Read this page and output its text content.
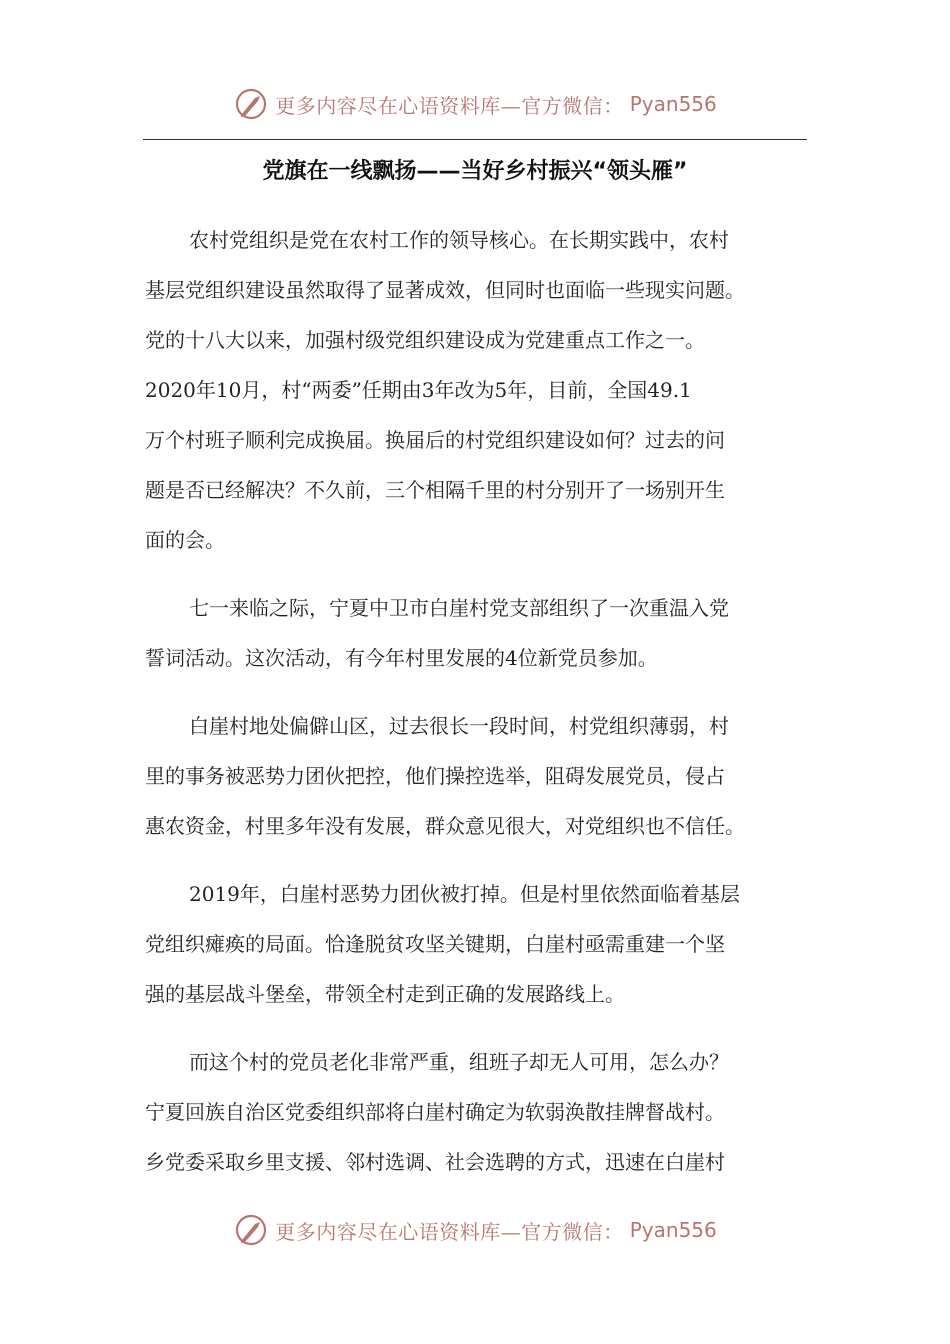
更多内容尽在心语资料库—官方微信： Pyan556
党旗在一线飘扬——当好乡村振兴“领头雁”

农村党组织是党在农村工作的领导核心。在长期实践中，农村
基层党组织建设虽然取得了显著成效，但同时也面临一些现实问题。
党的十八大以来，加强村级党组织建设成为党建重点工作之一。
2020年10月，村“两委”任期由3年改为5年，目前，全国49.1
万个村班子顺利完成换届。换届后的村党组织建设如何？过去的问
题是否已经解决？不久前，三个相隔千里的村分别开了一场别开生
面的会。

七一来临之际，宁夏中卫市白崖村党支部组织了一次重温入党
誓词活动。这次活动，有今年村里发展的4位新党员参加。

白崖村地处偏僻山区，过去很长一段时间，村党组织薄弱，村
里的事务被恶势力团伙把控，他们操控选举，阻碍发展党员，侵占
惠农资金，村里多年没有发展，群众意见很大，对党组织也不信任。

2019年，白崖村恶势力团伙被打掉。但是村里依然面临着基层
党组织瘫痪的局面。恰逢脱贫攻坚关键期，白崖村亟需重建一个坚
强的基层战斗堡垒，带领全村走到正确的发展路线上。

而这个村的党员老化非常严重，组班子却无人可用，怎么办？
宁夏回族自治区党委组织部将白崖村确定为软弱涣散挂牌督战村。
乡党委采取乡里支援、邻村选调、社会选聘的方式，迅速在白崖村

更多内容尽在心语资料库—官方微信： Pyan556
